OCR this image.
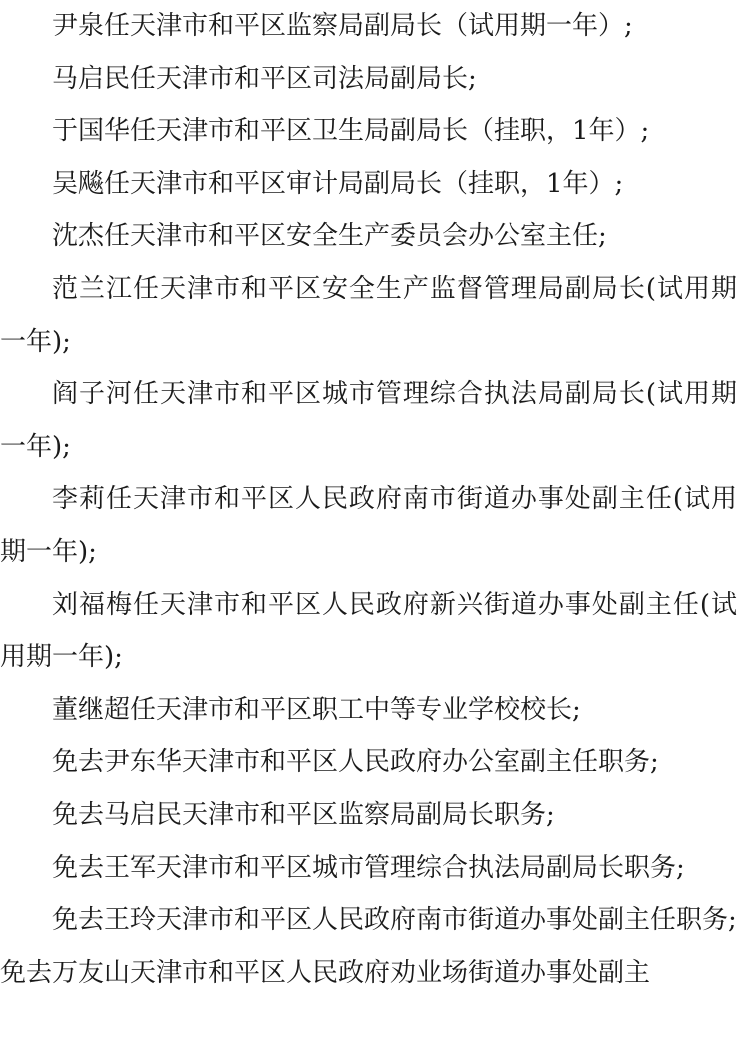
尹泉任天津市和平区监察局副局长（试用期一年）;

马启民任天津市和平区司法局副局长;

于国华任天津市和平区卫生局副局长（挂职，1年）;

吴飚任天津市和平区审计局副局长（挂职，1年）;

沈杰任天津市和平区安全生产委员会办公室主任;

范兰江任天津市和平区安全生产监督管理局副局长(试用期一年);

阎子河任天津市和平区城市管理综合执法局副局长(试用期一年);

李莉任天津市和平区人民政府南市街道办事处副主任(试用期一年);

刘福梅任天津市和平区人民政府新兴街道办事处副主任(试用期一年);

董继超任天津市和平区职工中等专业学校校长;

免去尹东华天津市和平区人民政府办公室副主任职务;

免去马启民天津市和平区监察局副局长职务;

免去王军天津市和平区城市管理综合执法局副局长职务;

免去王玲天津市和平区人民政府南市街道办事处副主任职务;

免去万友山天津市和平区人民政府劝业场街道办事处副主
